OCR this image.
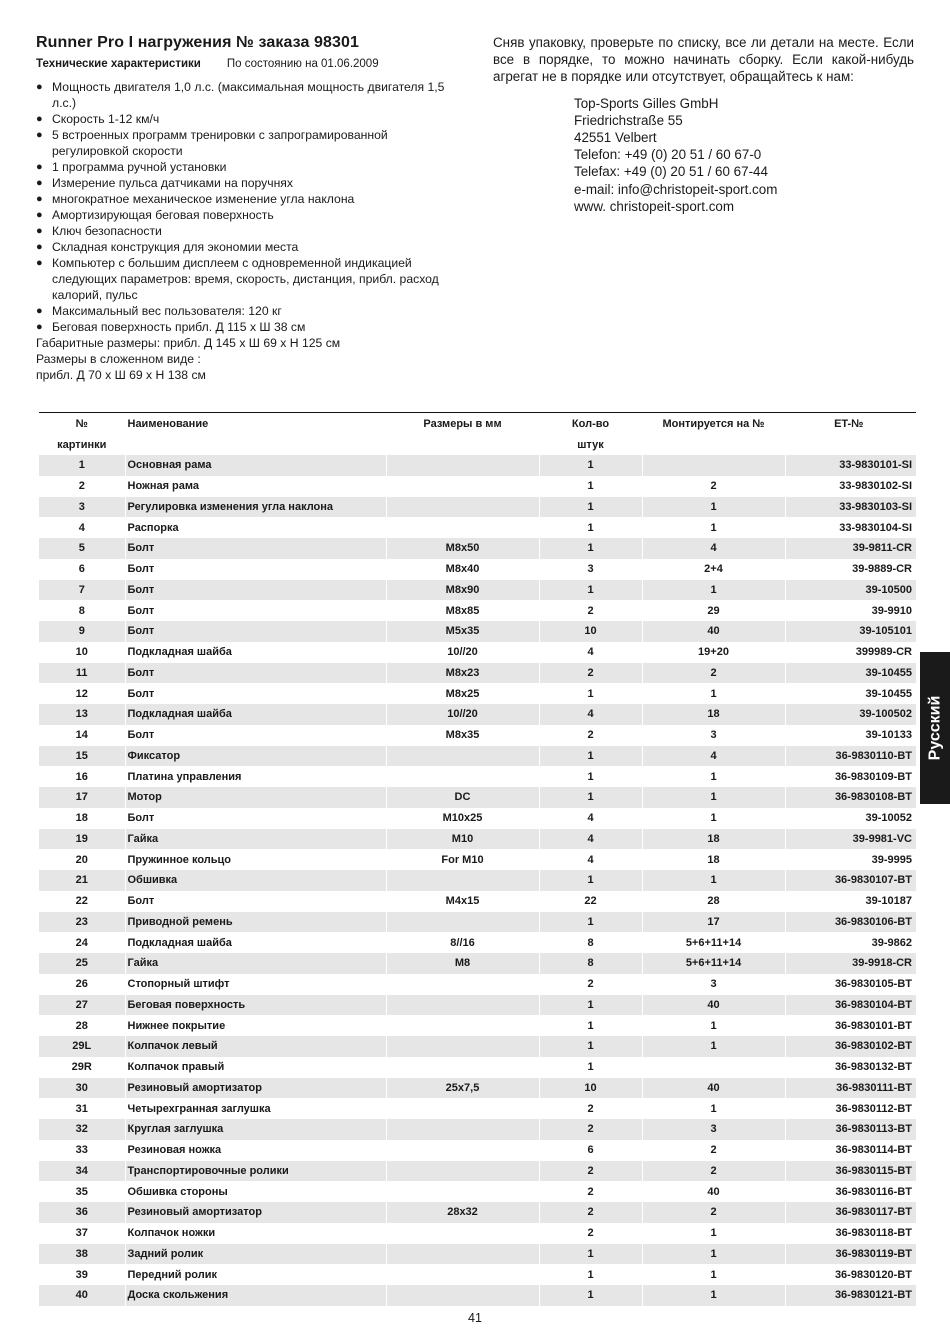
Runner Pro I нагружения № заказа 98301
Технические характеристики По состоянию на 01.06.2009
● Мощность двигателя 1,0 л.с. (максимальная мощность двигателя 1,5 л.с.)
● Скорость 1-12 км/ч
● 5 встроенных программ тренировки с запрограмированной регулировкой скорости
● 1 программа ручной установки
● Измерение пульса датчиками на поручнях
● многократное механическое изменение угла наклона
● Амортизирующая беговая поверхность
● Ключ безопасности
● Складная конструкция для экономии места
● Компьютер с большим дисплеем с одновременной индикацией следующих параметров: время, скорость, дистанция, прибл. расход калорий, пульс
● Максимальный вес пользователя: 120 кг
● Беговая поверхность прибл. Д 115 x Ш 38 см
Габаритные размеры: прибл. Д 145 x Ш 69 x Н 125 см
Размеры в сложенном виде :
прибл. Д 70 x Ш 69 x Н 138 см
Сняв упаковку, проверьте по списку, все ли детали на месте. Если все в порядке, то можно начинать сборку. Если какой-нибудь агрегат не в порядке или отсутствует, обращайтесь к нам:
Top-Sports Gilles GmbH
Friedrichstraße 55
42551 Velbert
Telefon: +49 (0) 20 51 / 60 67-0
Telefax: +49 (0) 20 51 / 60 67-44
e-mail: info@christopeit-sport.com
www. christopeit-sport.com
№	Наименование	Размеры в мм	Кол-во	Монтируется на №	ET-№
картинки			штук		
1	Основная рама		1		33-9830101-SI
2	Ножная рама		1	2	33-9830102-SI
3	Регулировка изменения угла наклона		1	1	33-9830103-SI
4	Распорка		1	1	33-9830104-SI
5	Болт	M8x50	1	4	39-9811-CR
6	Болт	M8x40	3	2+4	39-9889-CR
7	Болт	M8x90	1	1	39-10500
8	Болт	M8x85	2	29	39-9910
9	Болт	M5x35	10	40	39-105101
10	Подкладная шайба	10//20	4	19+20	399989-CR
11	Болт	M8x23	2	2	39-10455
12	Болт	M8x25	1	1	39-10455
13	Подкладная шайба	10//20	4	18	39-100502
14	Болт	M8x35	2	3	39-10133
15	Фиксатор		1	4	36-9830110-BT
16	Платина управления		1	1	36-9830109-BT
17	Мотор	DC	1	1	36-9830108-BT
18	Болт	M10x25	4	1	39-10052
19	Гайка	M10	4	18	39-9981-VC
20	Пружинное кольцо	For M10	4	18	39-9995
21	Обшивка		1	1	36-9830107-BT
22	Болт	M4x15	22	28	39-10187
23	Приводной ремень		1	17	36-9830106-BT
24	Подкладная шайба	8//16	8	5+6+11+14	39-9862
25	Гайка	M8	8	5+6+11+14	39-9918-CR
26	Стопорный штифт		2	3	36-9830105-BT
27	Беговая поверхность		1	40	36-9830104-BT
28	Нижнее покрытие		1	1	36-9830101-BT
29L	Колпачок левый		1	1	36-9830102-BT
29R	Колпачок правый		1		36-9830132-BT
30	Резиновый амортизатор	25x7,5	10	40	36-9830111-BT
31	Четырехгранная заглушка		2	1	36-9830112-BT
32	Круглая заглушка		2	3	36-9830113-BT
33	Резиновая ножка		6	2	36-9830114-BT
34	Транспортировочные ролики		2	2	36-9830115-BT
35	Обшивка стороны		2	40	36-9830116-BT
36	Резиновый амортизатор	28x32	2	2	36-9830117-BT
37	Колпачок ножки		2	1	36-9830118-BT
38	Задний ролик		1	1	36-9830119-BT
39	Передний ролик		1	1	36-9830120-BT
40	Доска скольжения		1	1	36-9830121-BT
Русский
41
